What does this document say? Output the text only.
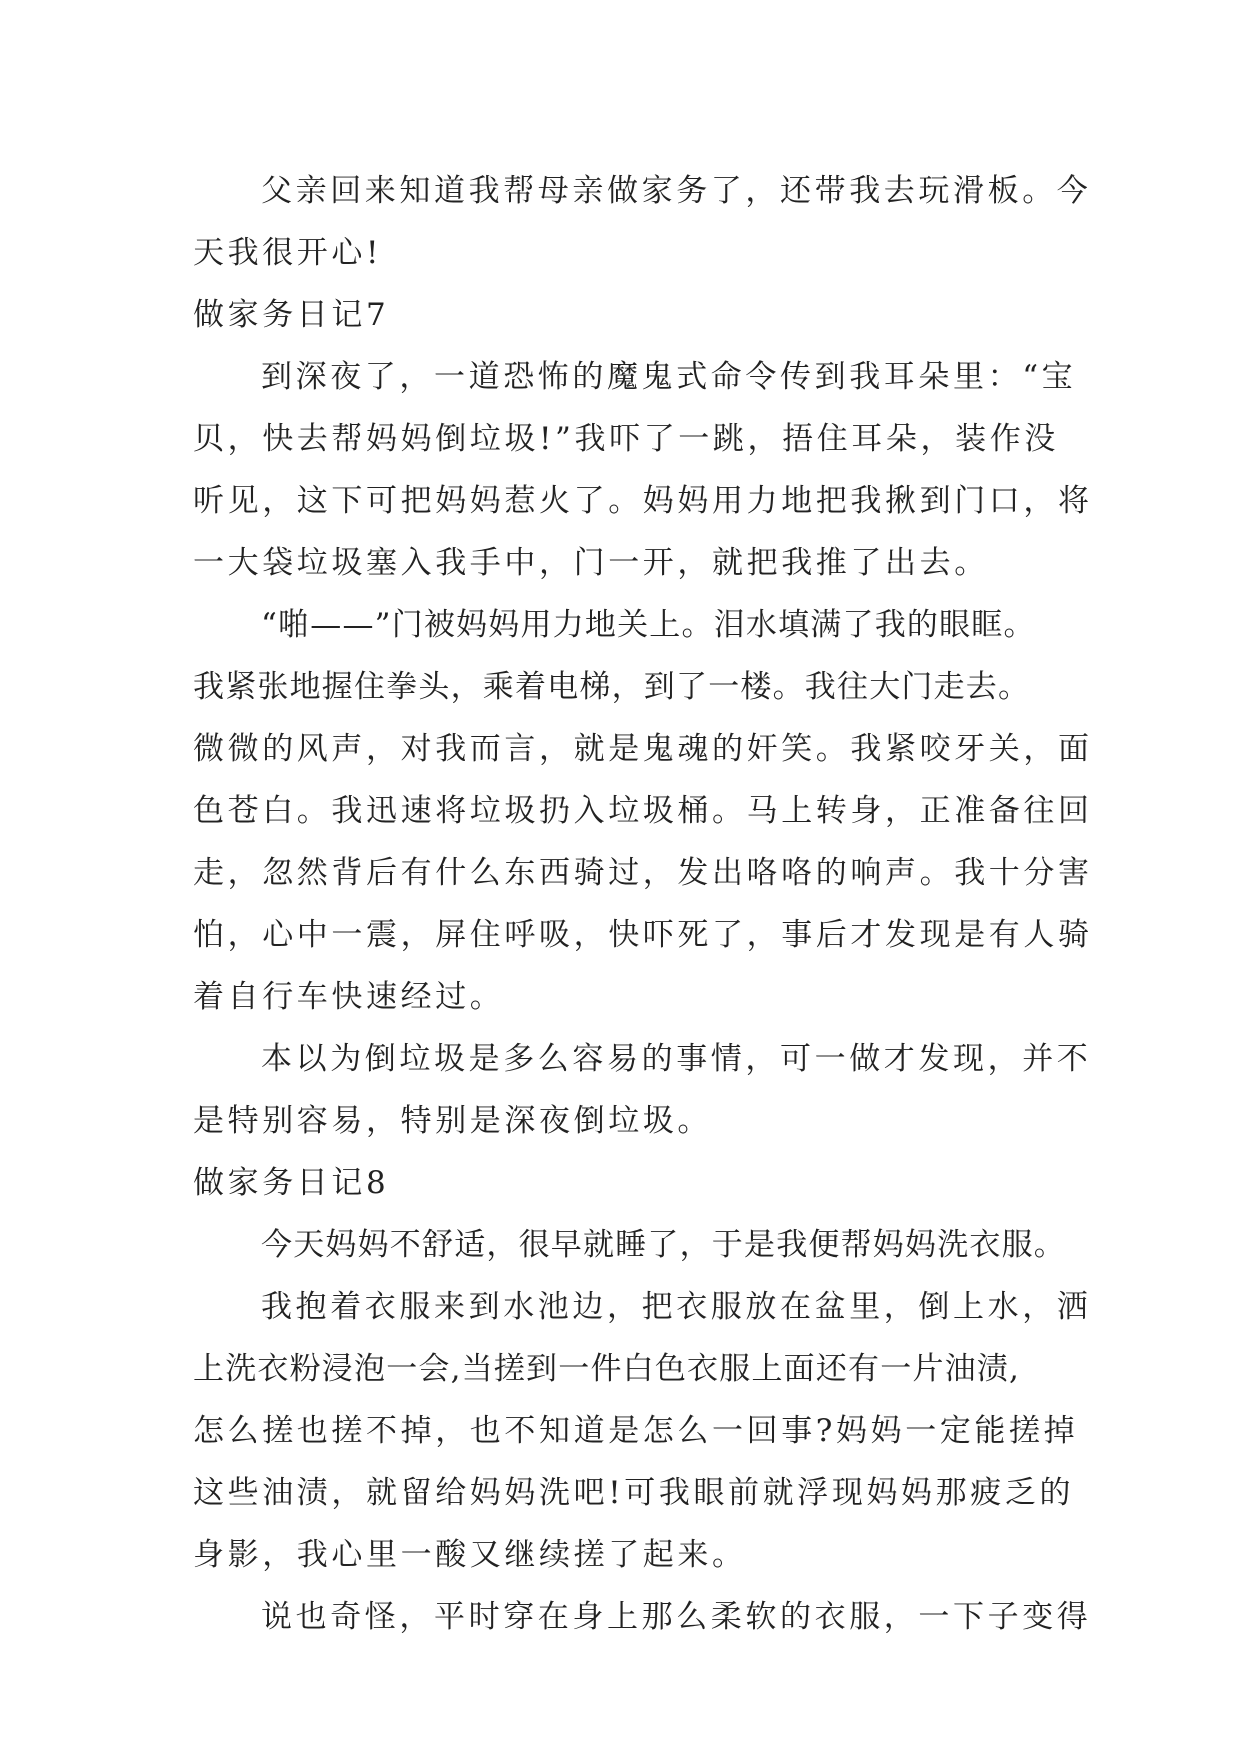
父亲回来知道我帮母亲做家务了，还带我去玩滑板。今
天我很开心!
做家务日记7
到深夜了，一道恐怖的魔鬼式命令传到我耳朵里：“宝
贝，快去帮妈妈倒垃圾!”我吓了一跳，捂住耳朵，装作没
听见，这下可把妈妈惹火了。妈妈用力地把我揪到门口，将
一大袋垃圾塞入我手中，门一开，就把我推了出去。
“啪——”门被妈妈用力地关上。泪水填满了我的眼眶。
我紧张地握住拳头，乘着电梯，到了一楼。我往大门走去。
微微的风声，对我而言，就是鬼魂的奸笑。我紧咬牙关，面
色苍白。我迅速将垃圾扔入垃圾桶。马上转身，正准备往回
走，忽然背后有什么东西骑过，发出咯咯的响声。我十分害
怕，心中一震，屏住呼吸，快吓死了，事后才发现是有人骑
着自行车快速经过。
本以为倒垃圾是多么容易的事情，可一做才发现，并不
是特别容易，特别是深夜倒垃圾。
做家务日记8
今天妈妈不舒适，很早就睡了，于是我便帮妈妈洗衣服。
我抱着衣服来到水池边，把衣服放在盆里，倒上水，洒
上洗衣粉浸泡一会,当搓到一件白色衣服上面还有一片油渍,
怎么搓也搓不掉，也不知道是怎么一回事?妈妈一定能搓掉
这些油渍，就留给妈妈洗吧!可我眼前就浮现妈妈那疲乏的
身影，我心里一酸又继续搓了起来。
说也奇怪，平时穿在身上那么柔软的衣服，一下子变得
